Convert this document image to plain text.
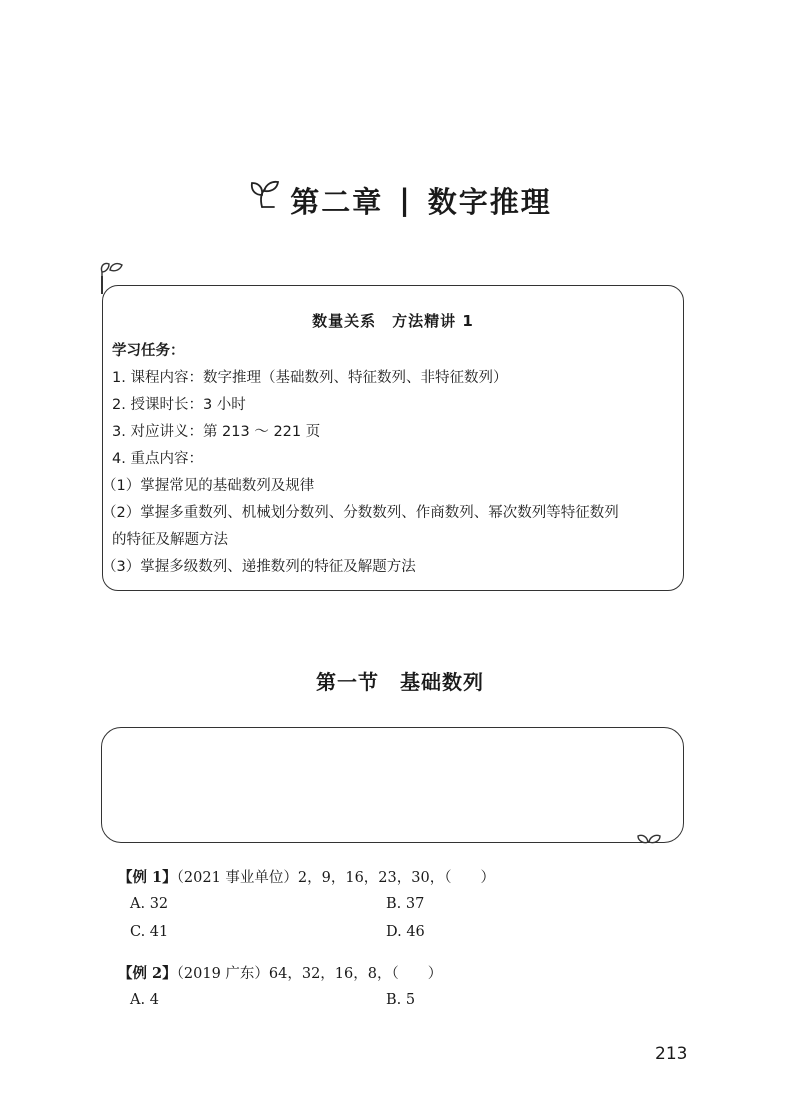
第二章 | 数字推理
数量关系　方法精讲 1
学习任务：
1. 课程内容：数字推理（基础数列、特征数列、非特征数列）
2. 授课时长：3 小时
3. 对应讲义：第 213 ～ 221 页
4. 重点内容：
（1）掌握常见的基础数列及规律
（2）掌握多重数列、机械划分数列、分数数列、作商数列、幂次数列等特征数列
的特征及解题方法
（3）掌握多级数列、递推数列的特征及解题方法
第一节　基础数列
【例 1】（2021 事业单位）2，9，16，23，30，（　　）
A. 32	B. 37
C. 41	D. 46
【例 2】（2019 广东）64，32，16，8，（　　）
A. 4	B. 5
213
